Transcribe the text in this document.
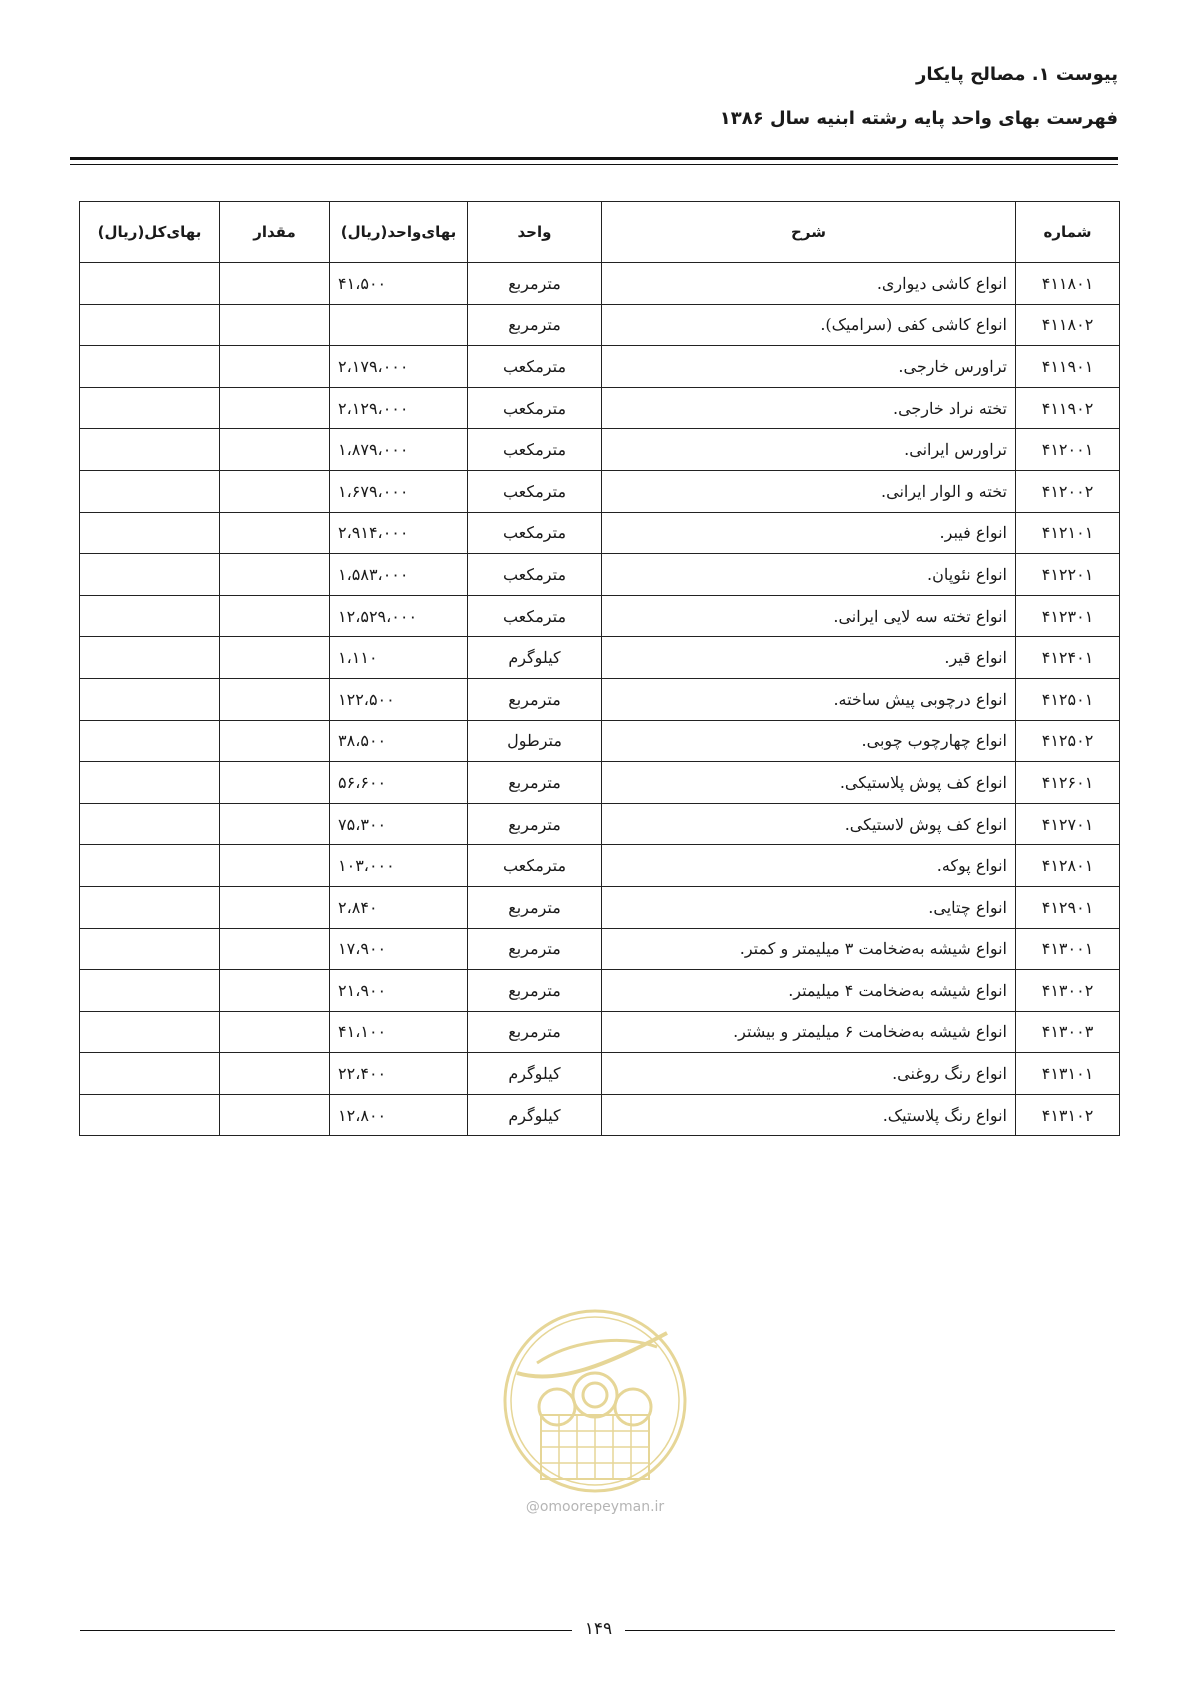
پیوست ۱. مصالح پایکار
فهرست بهای واحد پایه رشته ابنیه سال ۱۳۸۶
شماره	شرح	واحد	بهای‌واحد(ریال)	مقدار	بهای‌کل(ریال)
۴۱۱۸۰۱	انواع کاشی دیواری.	مترمربع	۴۱،۵۰۰		
۴۱۱۸۰۲	انواع کاشی کفی (سرامیک).	مترمربع			
۴۱۱۹۰۱	تراورس خارجی.	مترمکعب	۲،۱۷۹،۰۰۰		
۴۱۱۹۰۲	تخته نراد خارجی.	مترمکعب	۲،۱۲۹،۰۰۰		
۴۱۲۰۰۱	تراورس ایرانی.	مترمکعب	۱،۸۷۹،۰۰۰		
۴۱۲۰۰۲	تخته و الوار ایرانی.	مترمکعب	۱،۶۷۹،۰۰۰		
۴۱۲۱۰۱	انواع فیبر.	مترمکعب	۲،۹۱۴،۰۰۰		
۴۱۲۲۰۱	انواع نئوپان.	مترمکعب	۱،۵۸۳،۰۰۰		
۴۱۲۳۰۱	انواع تخته سه لایی ایرانی.	مترمکعب	۱۲،۵۲۹،۰۰۰		
۴۱۲۴۰۱	انواع قیر.	کیلوگرم	۱،۱۱۰		
۴۱۲۵۰۱	انواع درچوبی پیش ساخته.	مترمربع	۱۲۲،۵۰۰		
۴۱۲۵۰۲	انواع چهارچوب چوبی.	مترطول	۳۸،۵۰۰		
۴۱۲۶۰۱	انواع کف پوش پلاستیکی.	مترمربع	۵۶،۶۰۰		
۴۱۲۷۰۱	انواع کف پوش لاستیکی.	مترمربع	۷۵،۳۰۰		
۴۱۲۸۰۱	انواع پوکه.	مترمکعب	۱۰۳،۰۰۰		
۴۱۲۹۰۱	انواع چتایی.	مترمربع	۲،۸۴۰		
۴۱۳۰۰۱	انواع شیشه به‌ضخامت ۳ میلیمتر و کمتر.	مترمربع	۱۷،۹۰۰		
۴۱۳۰۰۲	انواع شیشه به‌ضخامت ۴ میلیمتر.	مترمربع	۲۱،۹۰۰		
۴۱۳۰۰۳	انواع شیشه به‌ضخامت ۶ میلیمتر و بیشتر.	مترمربع	۴۱،۱۰۰		
۴۱۳۱۰۱	انواع رنگ روغنی.	کیلوگرم	۲۲،۴۰۰		
۴۱۳۱۰۲	انواع رنگ پلاستیک.	کیلوگرم	۱۲،۸۰۰		
@omoorepeyman.ir
۱۴۹
